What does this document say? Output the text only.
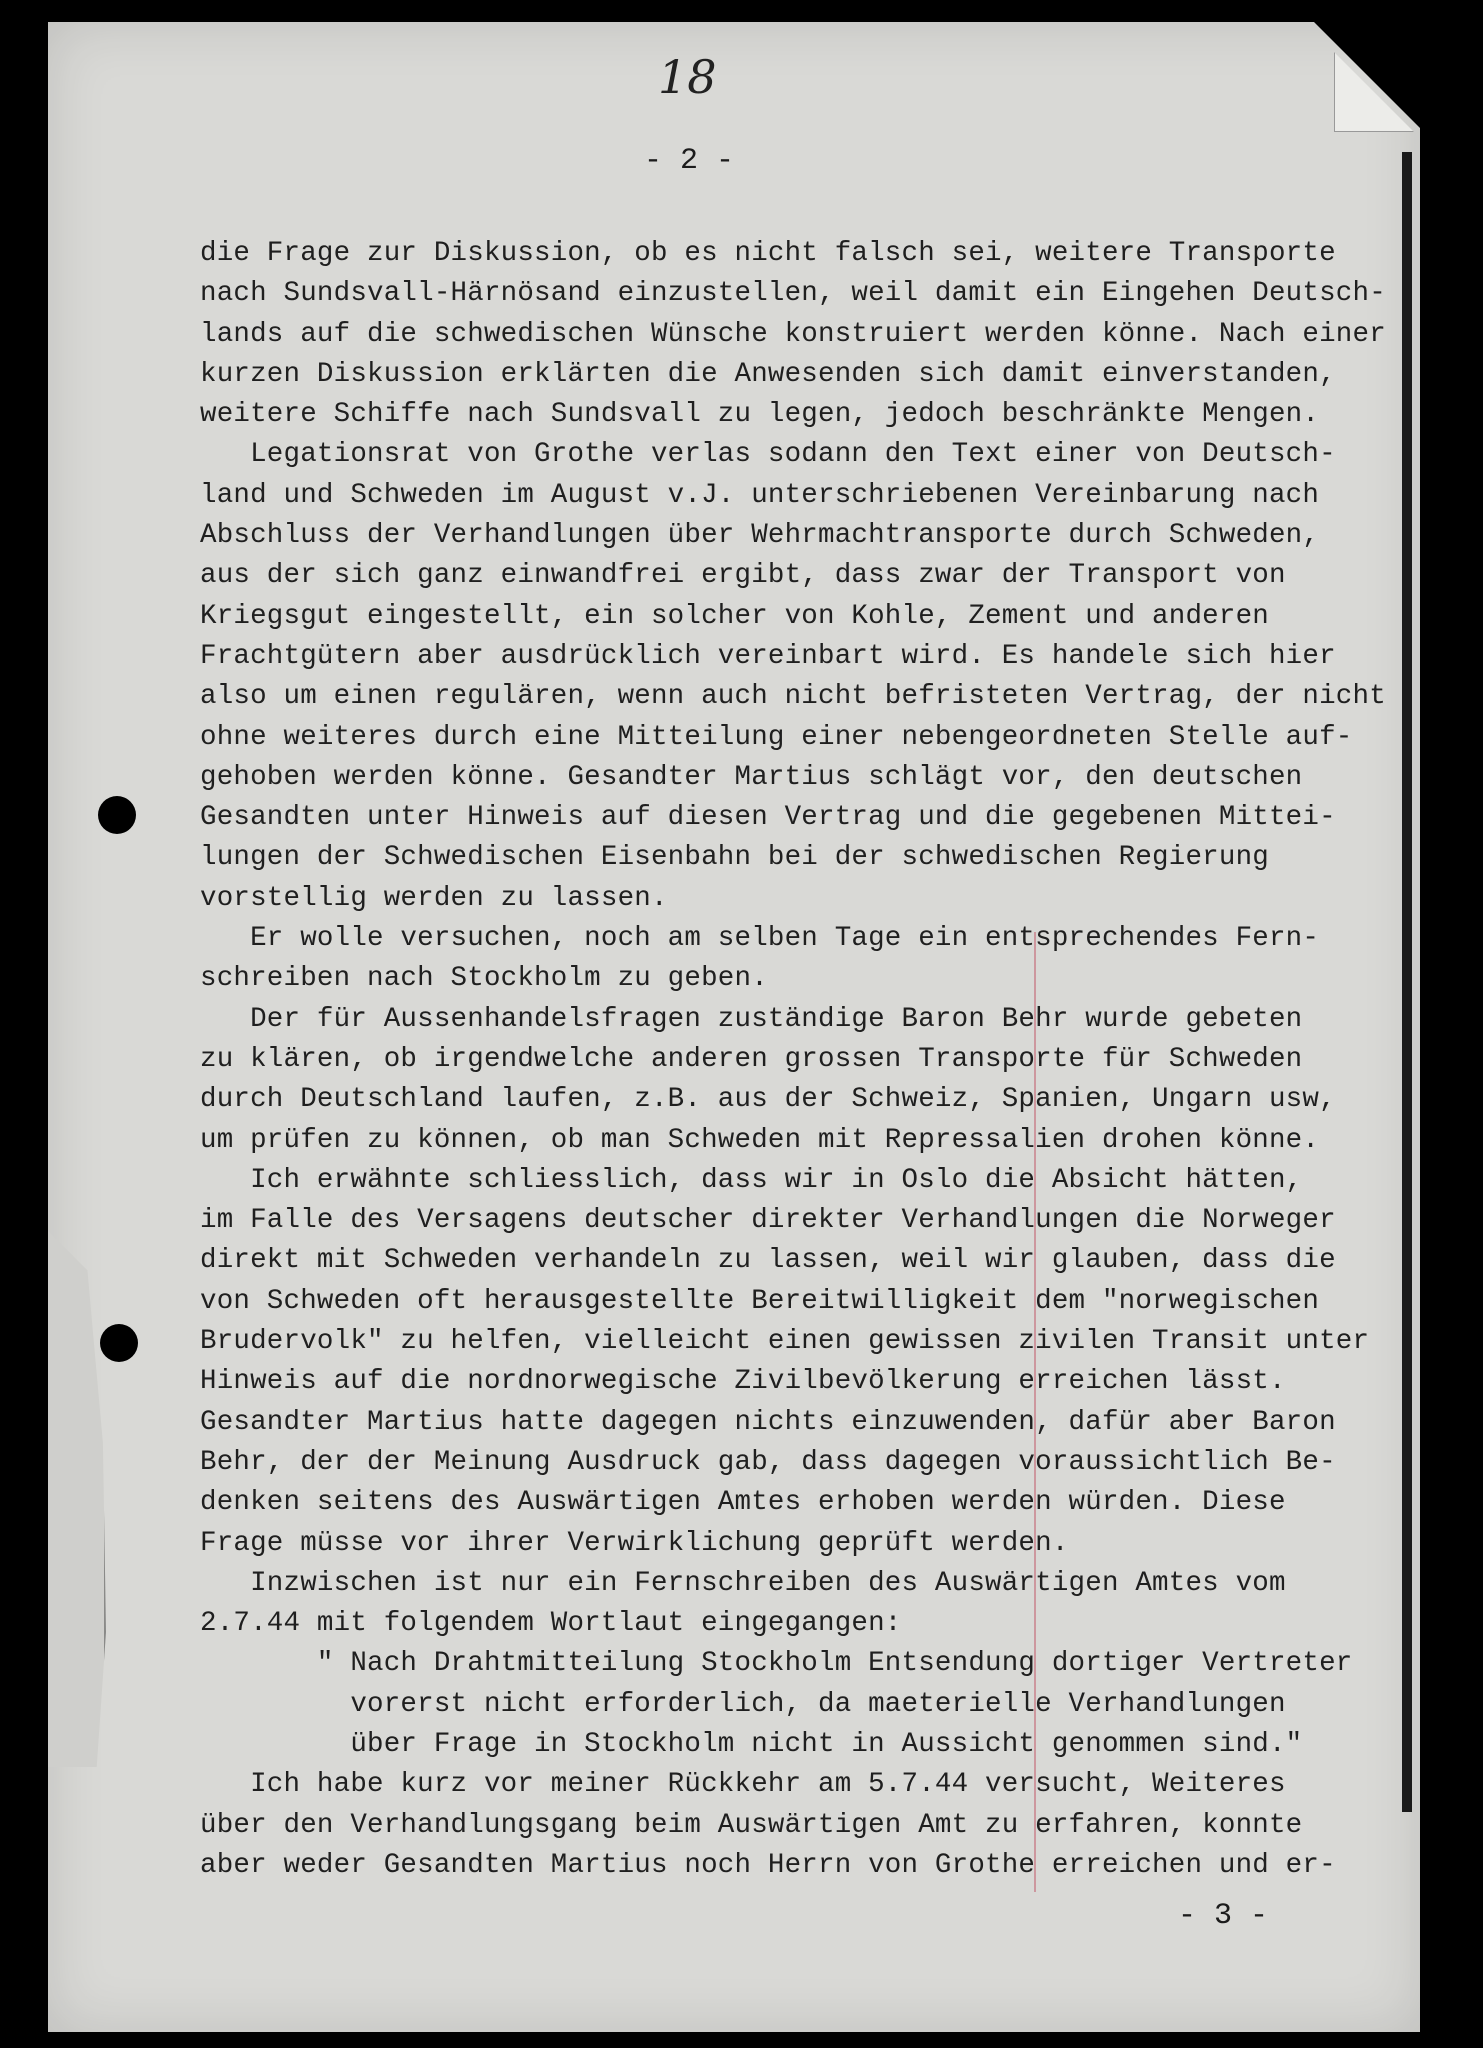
18
- 2 -
die Frage zur Diskussion, ob es nicht falsch sei, weitere Transporte
nach Sundsvall-Härnösand einzustellen, weil damit ein Eingehen Deutsch-
lands auf die schwedischen Wünsche konstruiert werden könne. Nach einer
kurzen Diskussion erklärten die Anwesenden sich damit einverstanden,
weitere Schiffe nach Sundsvall zu legen, jedoch beschränkte Mengen.
Legationsrat von Grothe verlas sodann den Text einer von Deutsch-
land und Schweden im August v.J. unterschriebenen Vereinbarung nach
Abschluss der Verhandlungen über Wehrmachtransporte durch Schweden,
aus der sich ganz einwandfrei ergibt, dass zwar der Transport von
Kriegsgut eingestellt, ein solcher von Kohle, Zement und anderen
Frachtgütern aber ausdrücklich vereinbart wird. Es handele sich hier
also um einen regulären, wenn auch nicht befristeten Vertrag, der nicht
ohne weiteres durch eine Mitteilung einer nebengeordneten Stelle auf-
gehoben werden könne. Gesandter Martius schlägt vor, den deutschen
Gesandten unter Hinweis auf diesen Vertrag und die gegebenen Mittei-
lungen der Schwedischen Eisenbahn bei der schwedischen Regierung
vorstellig werden zu lassen.
Er wolle versuchen, noch am selben Tage ein entsprechendes Fern-
schreiben nach Stockholm zu geben.
Der für Aussenhandelsfragen zuständige Baron Behr wurde gebeten
zu klären, ob irgendwelche anderen grossen Transporte für Schweden
durch Deutschland laufen, z.B. aus der Schweiz, Spanien, Ungarn usw,
um prüfen zu können, ob man Schweden mit Repressalien drohen könne.
Ich erwähnte schliesslich, dass wir in Oslo die Absicht hätten,
im Falle des Versagens deutscher direkter Verhandlungen die Norweger
direkt mit Schweden verhandeln zu lassen, weil wir glauben, dass die
von Schweden oft herausgestellte Bereitwilligkeit dem "norwegischen
Brudervolk" zu helfen, vielleicht einen gewissen zivilen Transit unter
Hinweis auf die nordnorwegische Zivilbevölkerung erreichen lässt.
Gesandter Martius hatte dagegen nichts einzuwenden, dafür aber Baron
Behr, der der Meinung Ausdruck gab, dass dagegen voraussichtlich Be-
denken seitens des Auswärtigen Amtes erhoben werden würden. Diese
Frage müsse vor ihrer Verwirklichung geprüft werden.
Inzwischen ist nur ein Fernschreiben des Auswärtigen Amtes vom
2.7.44 mit folgendem Wortlaut eingegangen:
" Nach Drahtmitteilung Stockholm Entsendung dortiger Vertreter
vorerst nicht erforderlich, da maeterielle Verhandlungen
über Frage in Stockholm nicht in Aussicht genommen sind."
Ich habe kurz vor meiner Rückkehr am 5.7.44 versucht, Weiteres
über den Verhandlungsgang beim Auswärtigen Amt zu erfahren, konnte
aber weder Gesandten Martius noch Herrn von Grothe erreichen und er-
- 3 -
